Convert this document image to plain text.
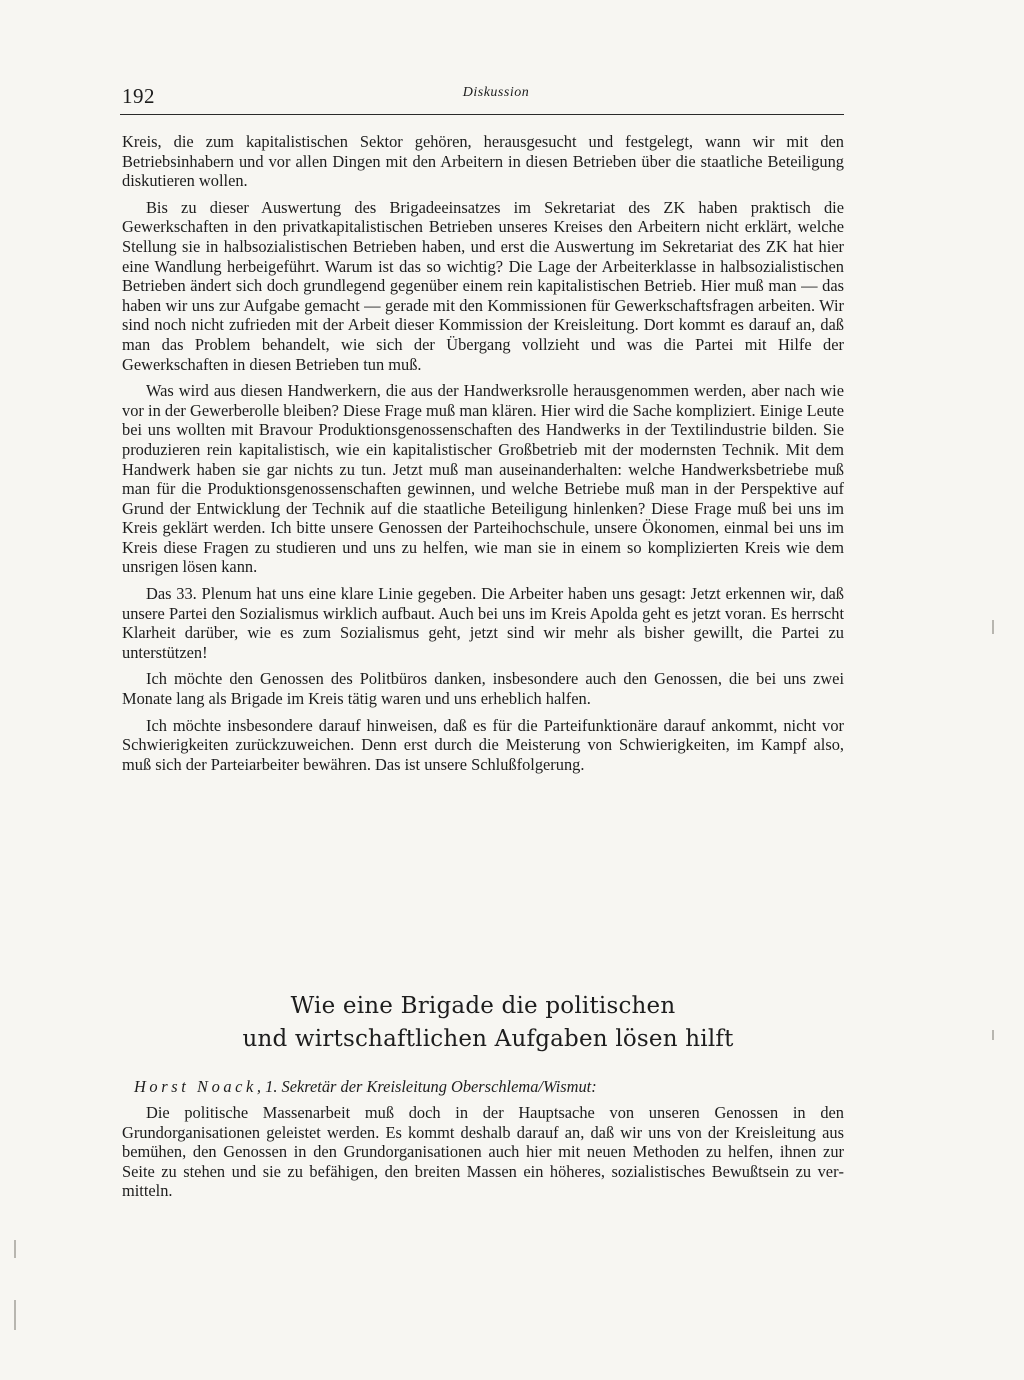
192	Diskussion

Kreis, die zum kapitalistischen Sektor gehören, herausgesucht und festgelegt, wann wir mit den Betriebsinhabern und vor allen Dingen mit den Arbeitern in diesen Betrieben über die staatliche Beteiligung diskutieren wollen.

Bis zu dieser Auswertung des Brigadeeinsatzes im Sekretariat des ZK haben praktisch die Gewerkschaften in den privatkapitalistischen Betrieben unseres Kreises den Arbeitern nicht erklärt, welche Stellung sie in halbsozialistischen Betrieben haben, und erst die Auswertung im Sekretariat des ZK hat hier eine Wandlung herbeigeführt. Warum ist das so wichtig? Die Lage der Arbeiterklasse in halbsozialistischen Betrieben ändert sich doch grundlegend gegenüber einem rein kapitalistischen Betrieb. Hier muß man — das haben wir uns zur Aufgabe gemacht — gerade mit den Kommissionen für Gewerkschaftsfragen arbeiten. Wir sind noch nicht zufrieden mit der Arbeit dieser Kommission der Kreisleitung. Dort kommt es darauf an, daß man das Problem behandelt, wie sich der Übergang vollzieht und was die Partei mit Hilfe der Gewerkschaften in diesen Betrieben tun muß.

Was wird aus diesen Handwerkern, die aus der Handwerksrolle herausgenommen werden, aber nach wie vor in der Gewerberolle bleiben? Diese Frage muß man klären. Hier wird die Sache kompliziert. Einige Leute bei uns wollten mit Bravour Produktionsgenossenschaften des Handwerks in der Textilindustrie bilden. Sie produzieren rein kapitalistisch, wie ein kapitalistischer Großbetrieb mit der modernsten Technik. Mit dem Handwerk haben sie gar nichts zu tun. Jetzt muß man auseinanderhalten: welche Handwerksbetriebe muß man für die Produktionsgenossenschaften gewinnen, und welche Betriebe muß man in der Perspektive auf Grund der Entwicklung der Technik auf die staatliche Beteiligung hinlenken? Diese Frage muß bei uns im Kreis geklärt werden. Ich bitte unsere Genossen der Parteihochschule, unsere Ökonomen, einmal bei uns im Kreis diese Fragen zu studieren und uns zu helfen, wie man sie in einem so komplizierten Kreis wie dem unsrigen lösen kann.

Das 33. Plenum hat uns eine klare Linie gegeben. Die Arbeiter haben uns gesagt: Jetzt erkennen wir, daß unsere Partei den Sozialismus wirklich aufbaut. Auch bei uns im Kreis Apolda geht es jetzt voran. Es herrscht Klarheit darüber, wie es zum Sozialismus geht, jetzt sind wir mehr als bisher gewillt, die Partei zu unterstützen!

Ich möchte den Genossen des Politbüros danken, insbesondere auch den Genossen, die bei uns zwei Monate lang als Brigade im Kreis tätig waren und uns erheblich halfen.

Ich möchte insbesondere darauf hinweisen, daß es für die Parteifunktionäre darauf ankommt, nicht vor Schwierigkeiten zurückzuweichen. Denn erst durch die Meisterung von Schwierigkeiten, im Kampf also, muß sich der Parteiarbeiter bewähren. Das ist unsere Schlußfolgerung.

Wie eine Brigade die politischen
und wirtschaftlichen Aufgaben lösen hilft
Horst Noack, 1. Sekretär der Kreisleitung Oberschlema/Wismut:

Die politische Massenarbeit muß doch in der Hauptsache von unseren Genossen in den Grundorganisationen geleistet werden. Es kommt deshalb darauf an, daß wir uns von der Kreisleitung aus bemühen, den Genossen in den Grundorganisationen auch hier mit neuen Methoden zu helfen, ihnen zur Seite zu stehen und sie zu befähigen, den breiten Massen ein höheres, sozialistisches Bewußtsein zu vermitteln.
